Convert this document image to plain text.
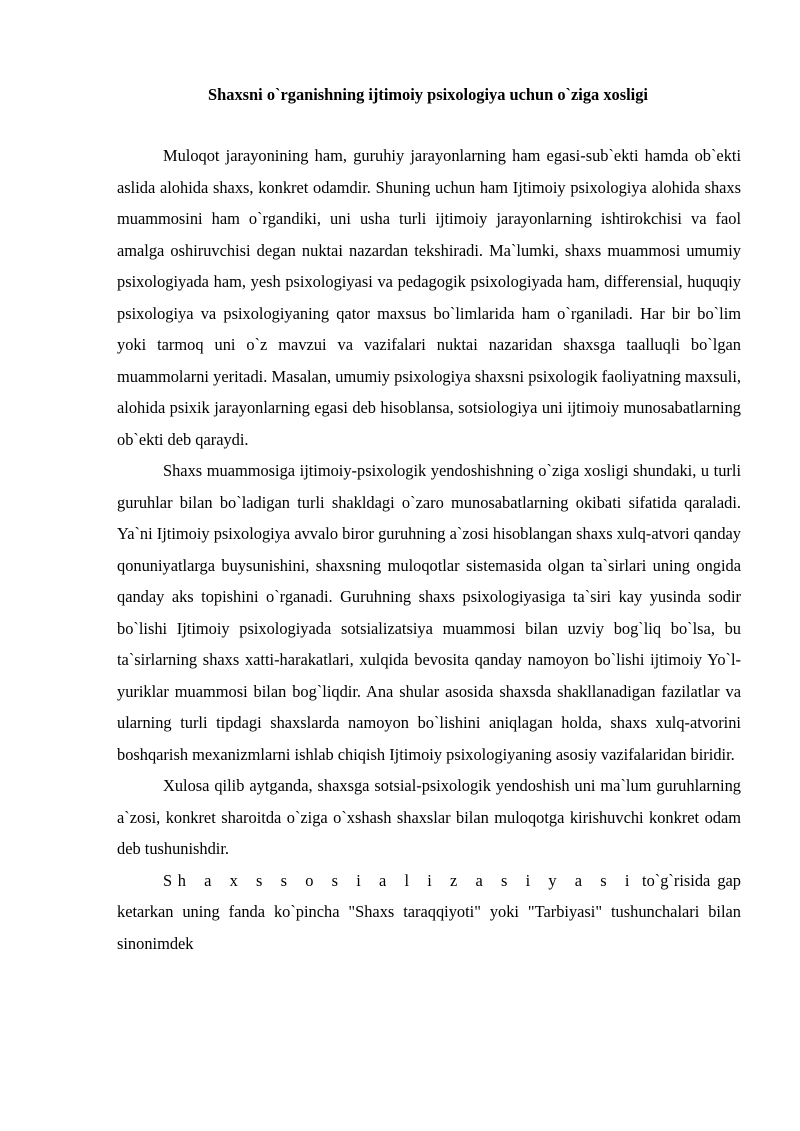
Shaxsni o`rganishning ijtimoiy psixologiya uchun o`ziga xosligi

Muloqot jarayonining ham, guruhiy jarayonlarning ham egasi-sub`ekti hamda ob`ekti aslida alohida shaxs, konkret odamdir. Shuning uchun ham Ijtimoiy psixologiya alohida shaxs muammosini ham o`rgandiki, uni usha turli ijtimoiy jarayonlarning ishtirokchisi va faol amalga oshiruvchisi degan nuktai nazardan tekshiradi. Ma`lumki, shaxs muammosi umumiy psixologiyada ham, yesh psixologiyasi va pedagogik psixologiyada ham, differensial, huquqiy psixologiya va psixologiyaning qator maxsus bo`limlarida ham o`rganiladi. Har bir bo`lim yoki tarmoq uni o`z mavzui va vazifalari nuktai nazaridan shaxsga taalluqli bo`lgan muammolarni yeritadi. Masalan, umumiy psixologiya shaxsni psixologik faoliyatning maxsuli, alohida psixik jarayonlarning egasi deb hisoblansa, sotsiologiya uni ijtimoiy munosabatlarning ob`ekti deb qaraydi.

Shaxs muammosiga ijtimoiy-psixologik yendoshishning o`ziga xosligi shundaki, u turli guruhlar bilan bo`ladigan turli shakldagi o`zaro munosabatlarning okibati sifatida qaraladi. Ya`ni Ijtimoiy psixologiya avvalo biror guruhning a`zosi hisoblangan shaxs xulq-atvori qanday qonuniyatlarga buysunishini, shaxsning muloqotlar sistemasida olgan ta`sirlari uning ongida qanday aks topishini o`rganadi. Guruhning shaxs psixologiyasiga ta`siri kay yusinda sodir bo`lishi Ijtimoiy psixologiyada sotsializatsiya muammosi bilan uzviy bog`liq bo`lsa, bu ta`sirlarning shaxs xatti-harakatlari, xulqida bevosita qanday namoyon bo`lishi ijtimoiy Yo`l-yuriklar muammosi bilan bog`liqdir. Ana shular asosida shaxsda shakllanadigan fazilatlar va ularning turli tipdagi shaxslarda namoyon bo`lishini aniqlagan holda, shaxs xulq-atvorini boshqarish mexanizmlarni ishlab chiqish Ijtimoiy psixologiyaning asosiy vazifalaridan biridir.

Xulosa qilib aytganda, shaxsga sotsial-psixologik yendoshish uni ma`lum guruhlarning a`zosi, konkret sharoitda o`ziga o`xshash shaxslar bilan muloqotga kirishuvchi konkret odam deb tushunishdir.

Sh a x s s o s i a l i z a s i y a s i to`g`risida gap ketarkan uning fanda ko`pincha "Shaxs taraqqiyoti" yoki "Tarbiyasi" tushunchalari bilan sinonimdek
